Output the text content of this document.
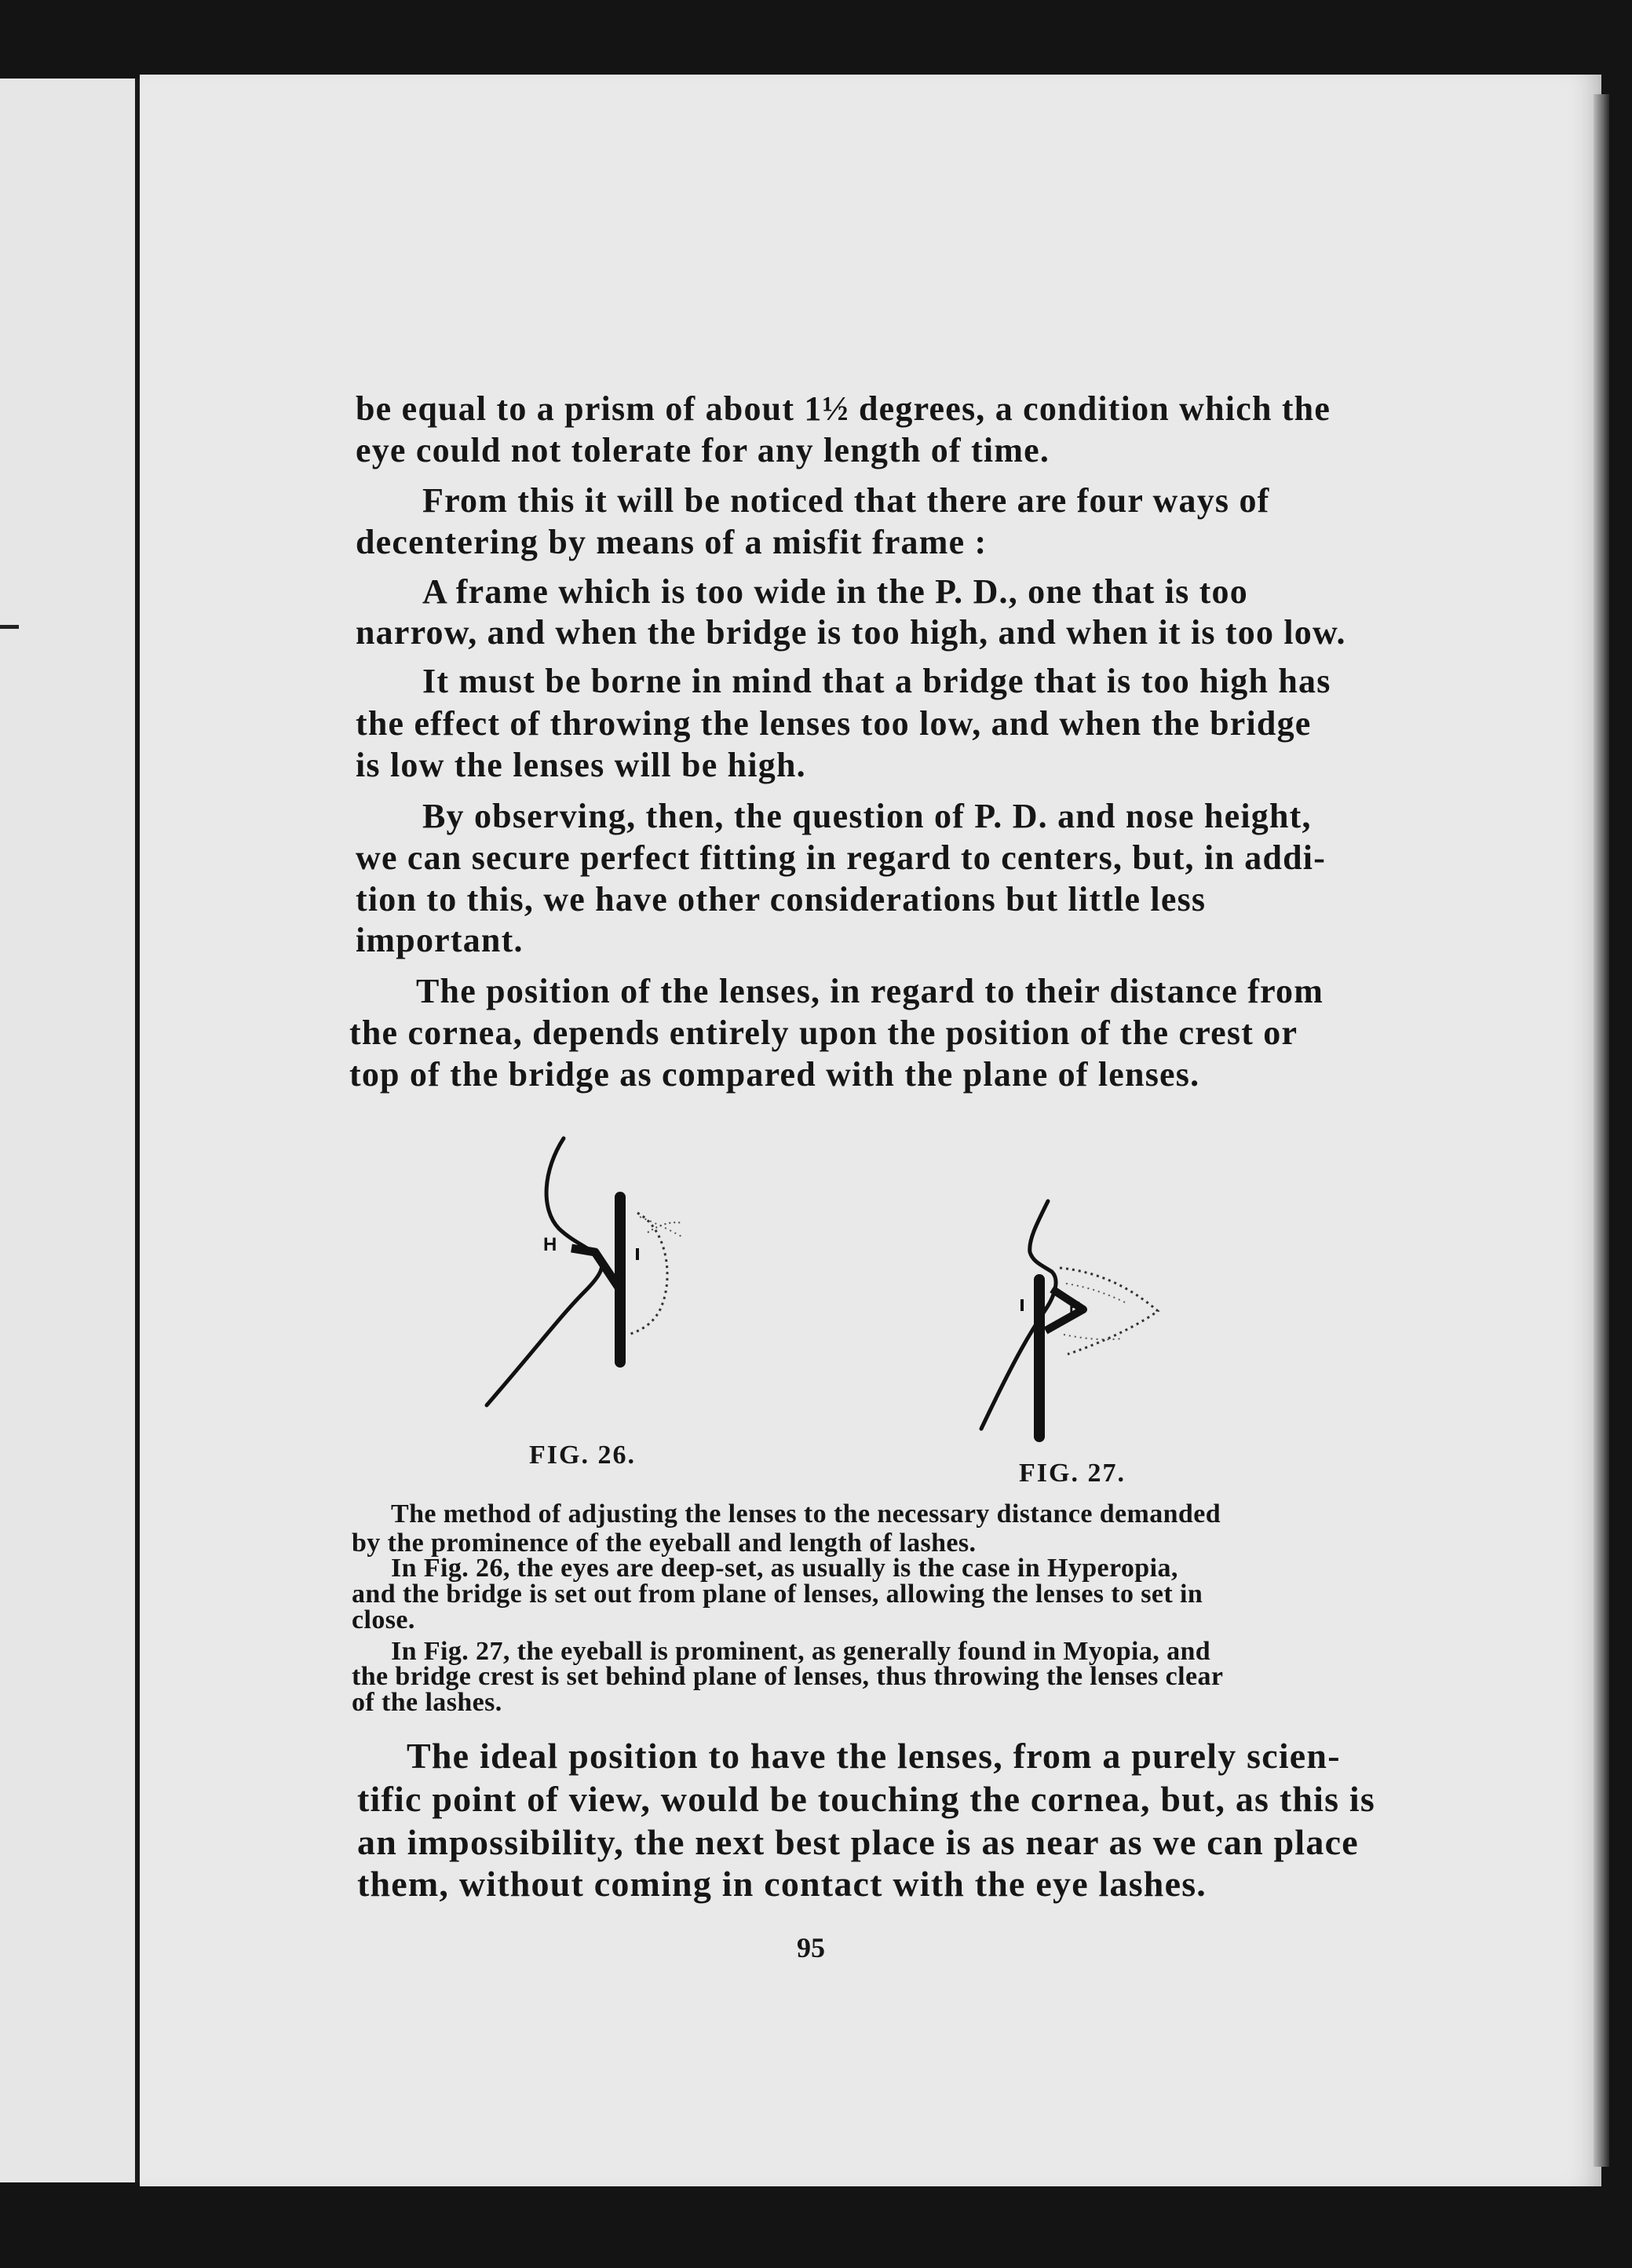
be equal to a prism of about 1½ degrees, a condition which the
eye could not tolerate for any length of time.
From this it will be noticed that there are four ways of
decentering by means of a misfit frame :
A frame which is too wide in the P. D., one that is too
narrow, and when the bridge is too high, and when it is too low.
It must be borne in mind that a bridge that is too high has
the effect of throwing the lenses too low, and when the bridge
is low the lenses will be high.
By observing, then, the question of P. D. and nose height,
we can secure perfect fitting in regard to centers, but, in addi-
tion to this, we have other considerations but little less
important.
The position of the lenses, in regard to their distance from
the cornea, depends entirely upon the position of the crest or
top of the bridge as compared with the plane of lenses.
H
FIG. 26.
H
FIG. 27.
The method of adjusting the lenses to the necessary distance demanded
by the prominence of the eyeball and length of lashes.
In Fig. 26, the eyes are deep-set, as usually is the case in Hyperopia,
and the bridge is set out from plane of lenses, allowing the lenses to set in
close.
In Fig. 27, the eyeball is prominent, as generally found in Myopia, and
the bridge crest is set behind plane of lenses, thus throwing the lenses clear
of the lashes.
The ideal position to have the lenses, from a purely scien-
tific point of view, would be touching the cornea, but, as this is
an impossibility, the next best place is as near as we can place
them, without coming in contact with the eye lashes.
95
